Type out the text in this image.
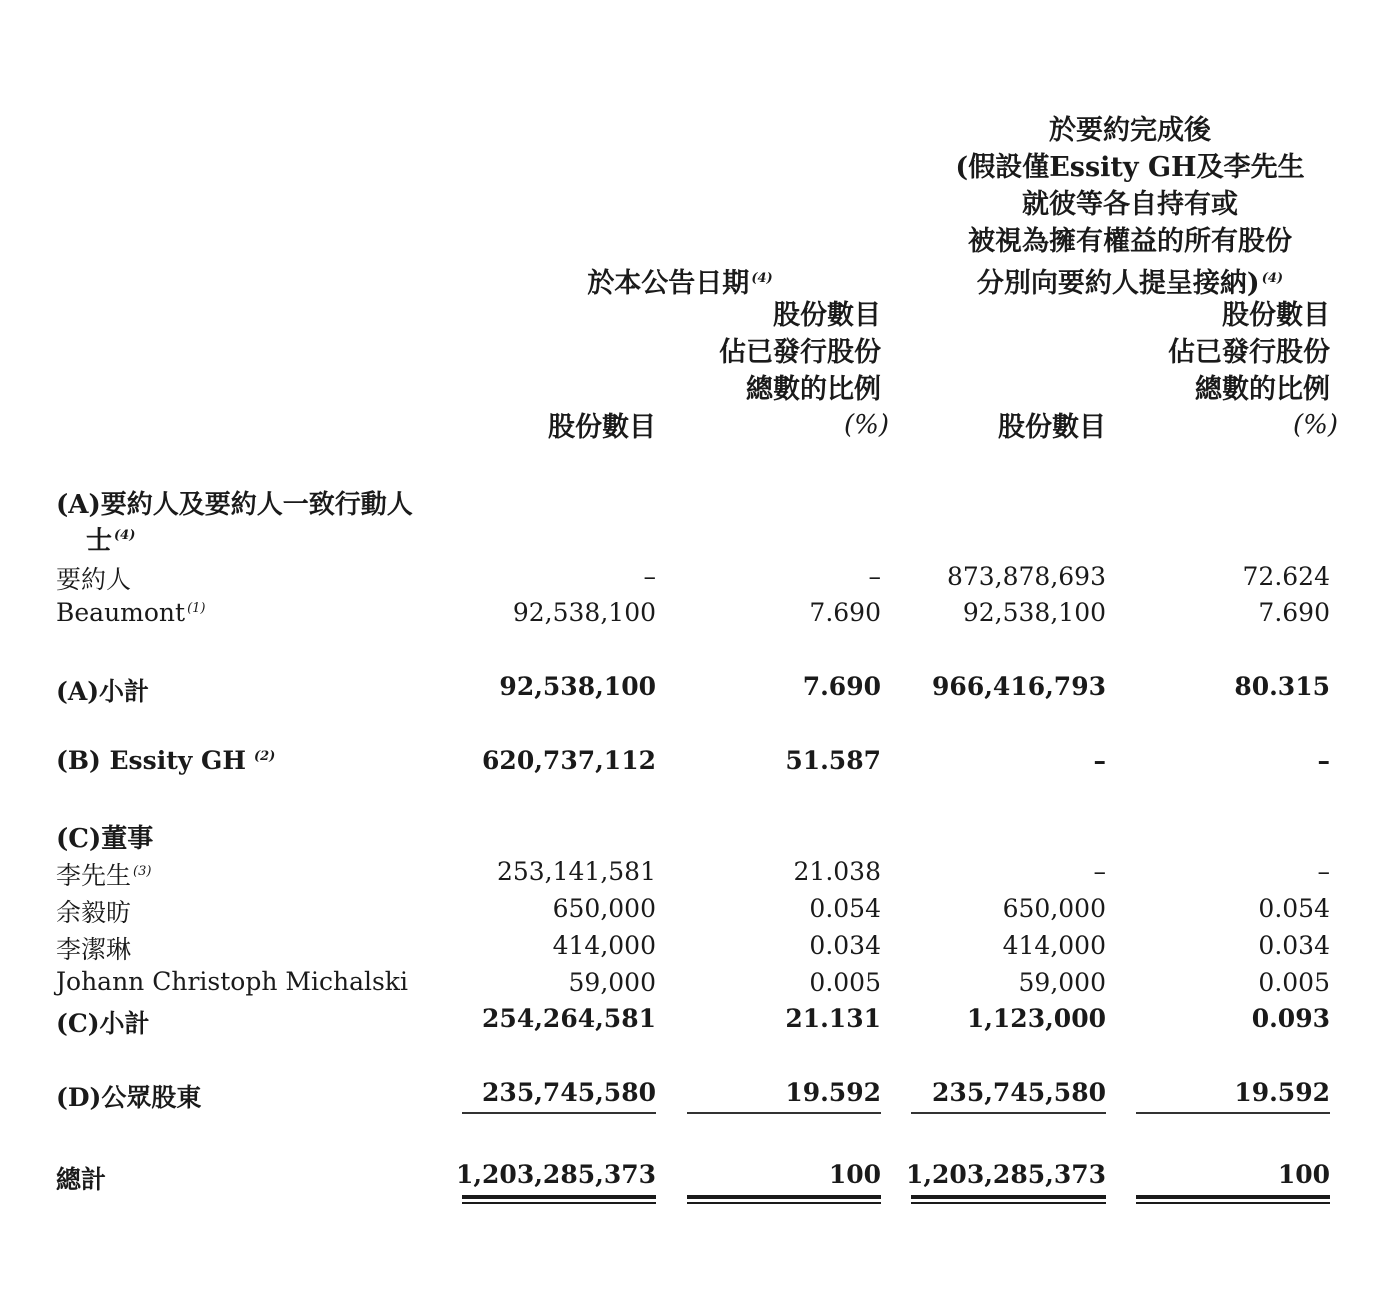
於要約完成後
(假設僅Essity GH及李先生
就彼等各自持有或
被視為擁有權益的所有股份
分別向要約人提呈接納) $^{(4)}$
於本公告日期 $^{(4)}$
股份數目
佔已發行股份
總數的比例
股份數目
佔已發行股份
總數的比例
股份數目	股份數目
(%)	(%)
(A)要約人及要約人一致行動人
士 $^{(4)}$
要約人	–	–	873,878,693	72.624
Beaumont $^{(1)}$	92,538,100	7.690	92,538,100	7.690
(A)小計	92,538,100	7.690 966,416,793	80.315
(B) Essity GH $^{(2)}$	620,737,112	51.587	–	–
(C)董事
李先生 $^{(3)}$	253,141,581	21.038	–	–
余毅昉	650,000	0.054	650,000	0.054
李潔琳	414,000	0.034	414,000	0.034
Johann Christoph Michalski	59,000	0.005	59,000	0.005
(C)小計	254,264,581	21.131	1,123,000	0.093
(D)公眾股東	235,745,580	19.592 235,745,580	19.592
總計	1,203,285,373	100 1,203,285,373	100
